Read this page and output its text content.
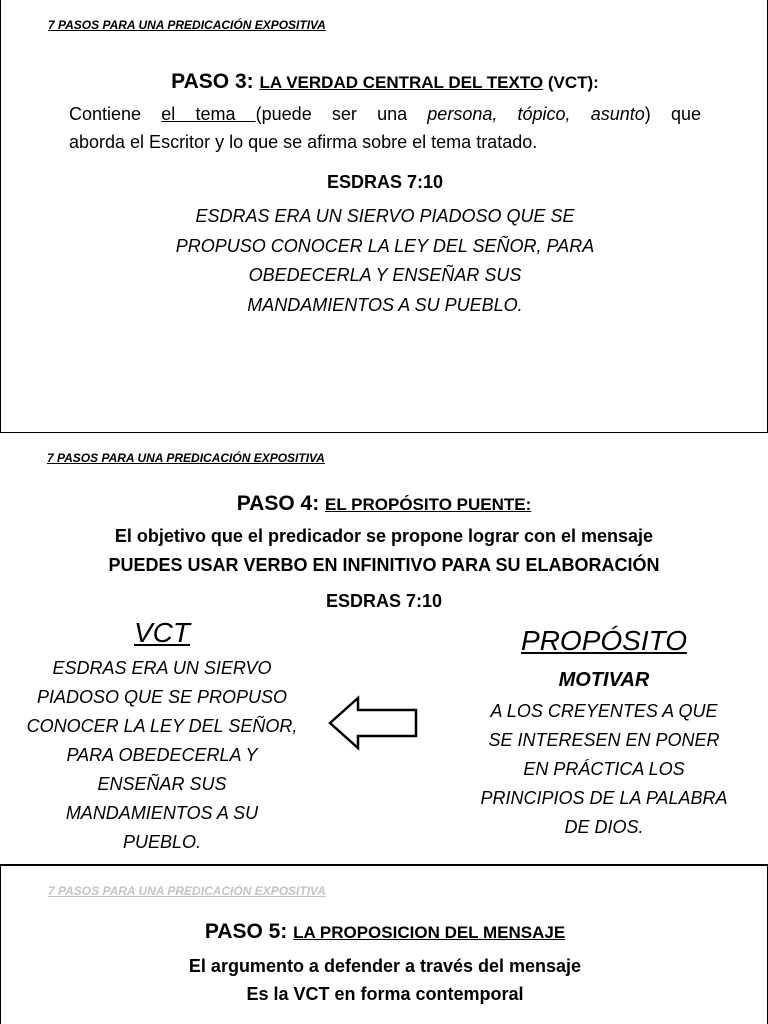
7 PASOS PARA UNA PREDICACIÓN EXPOSITIVA
PASO 3: LA VERDAD CENTRAL DEL TEXTO (VCT):
Contiene el tema (puede ser una persona, tópico, asunto) que
aborda el Escritor y lo que se afirma sobre el tema tratado.
ESDRAS 7:10
ESDRAS ERA UN SIERVO PIADOSO QUE SE
PROPUSO CONOCER LA LEY DEL SEÑOR, PARA
OBEDECERLA Y ENSEÑAR SUS
MANDAMIENTOS A SU PUEBLO.
7 PASOS PARA UNA PREDICACIÓN EXPOSITIVA
PASO 4: EL PROPÓSITO PUENTE:
El objetivo que el predicador se propone lograr con el mensaje
PUEDES USAR VERBO EN INFINITIVO PARA SU ELABORACIÓN
ESDRAS 7:10
VCT
ESDRAS ERA UN SIERVO
PIADOSO QUE SE PROPUSO
CONOCER LA LEY DEL SEÑOR,
PARA OBEDECERLA Y
ENSEÑAR SUS
MANDAMIENTOS A SU
PUEBLO.
PROPÓSITO
MOTIVAR
A LOS CREYENTES A QUE
SE INTERESEN EN PONER
EN PRÁCTICA LOS
PRINCIPIOS DE LA PALABRA
DE DIOS.
7 PASOS PARA UNA PREDICACIÓN EXPOSITIVA
PASO 5: LA PROPOSICION DEL MENSAJE
El argumento a defender a través del mensaje
Es la VCT en forma contemporal
